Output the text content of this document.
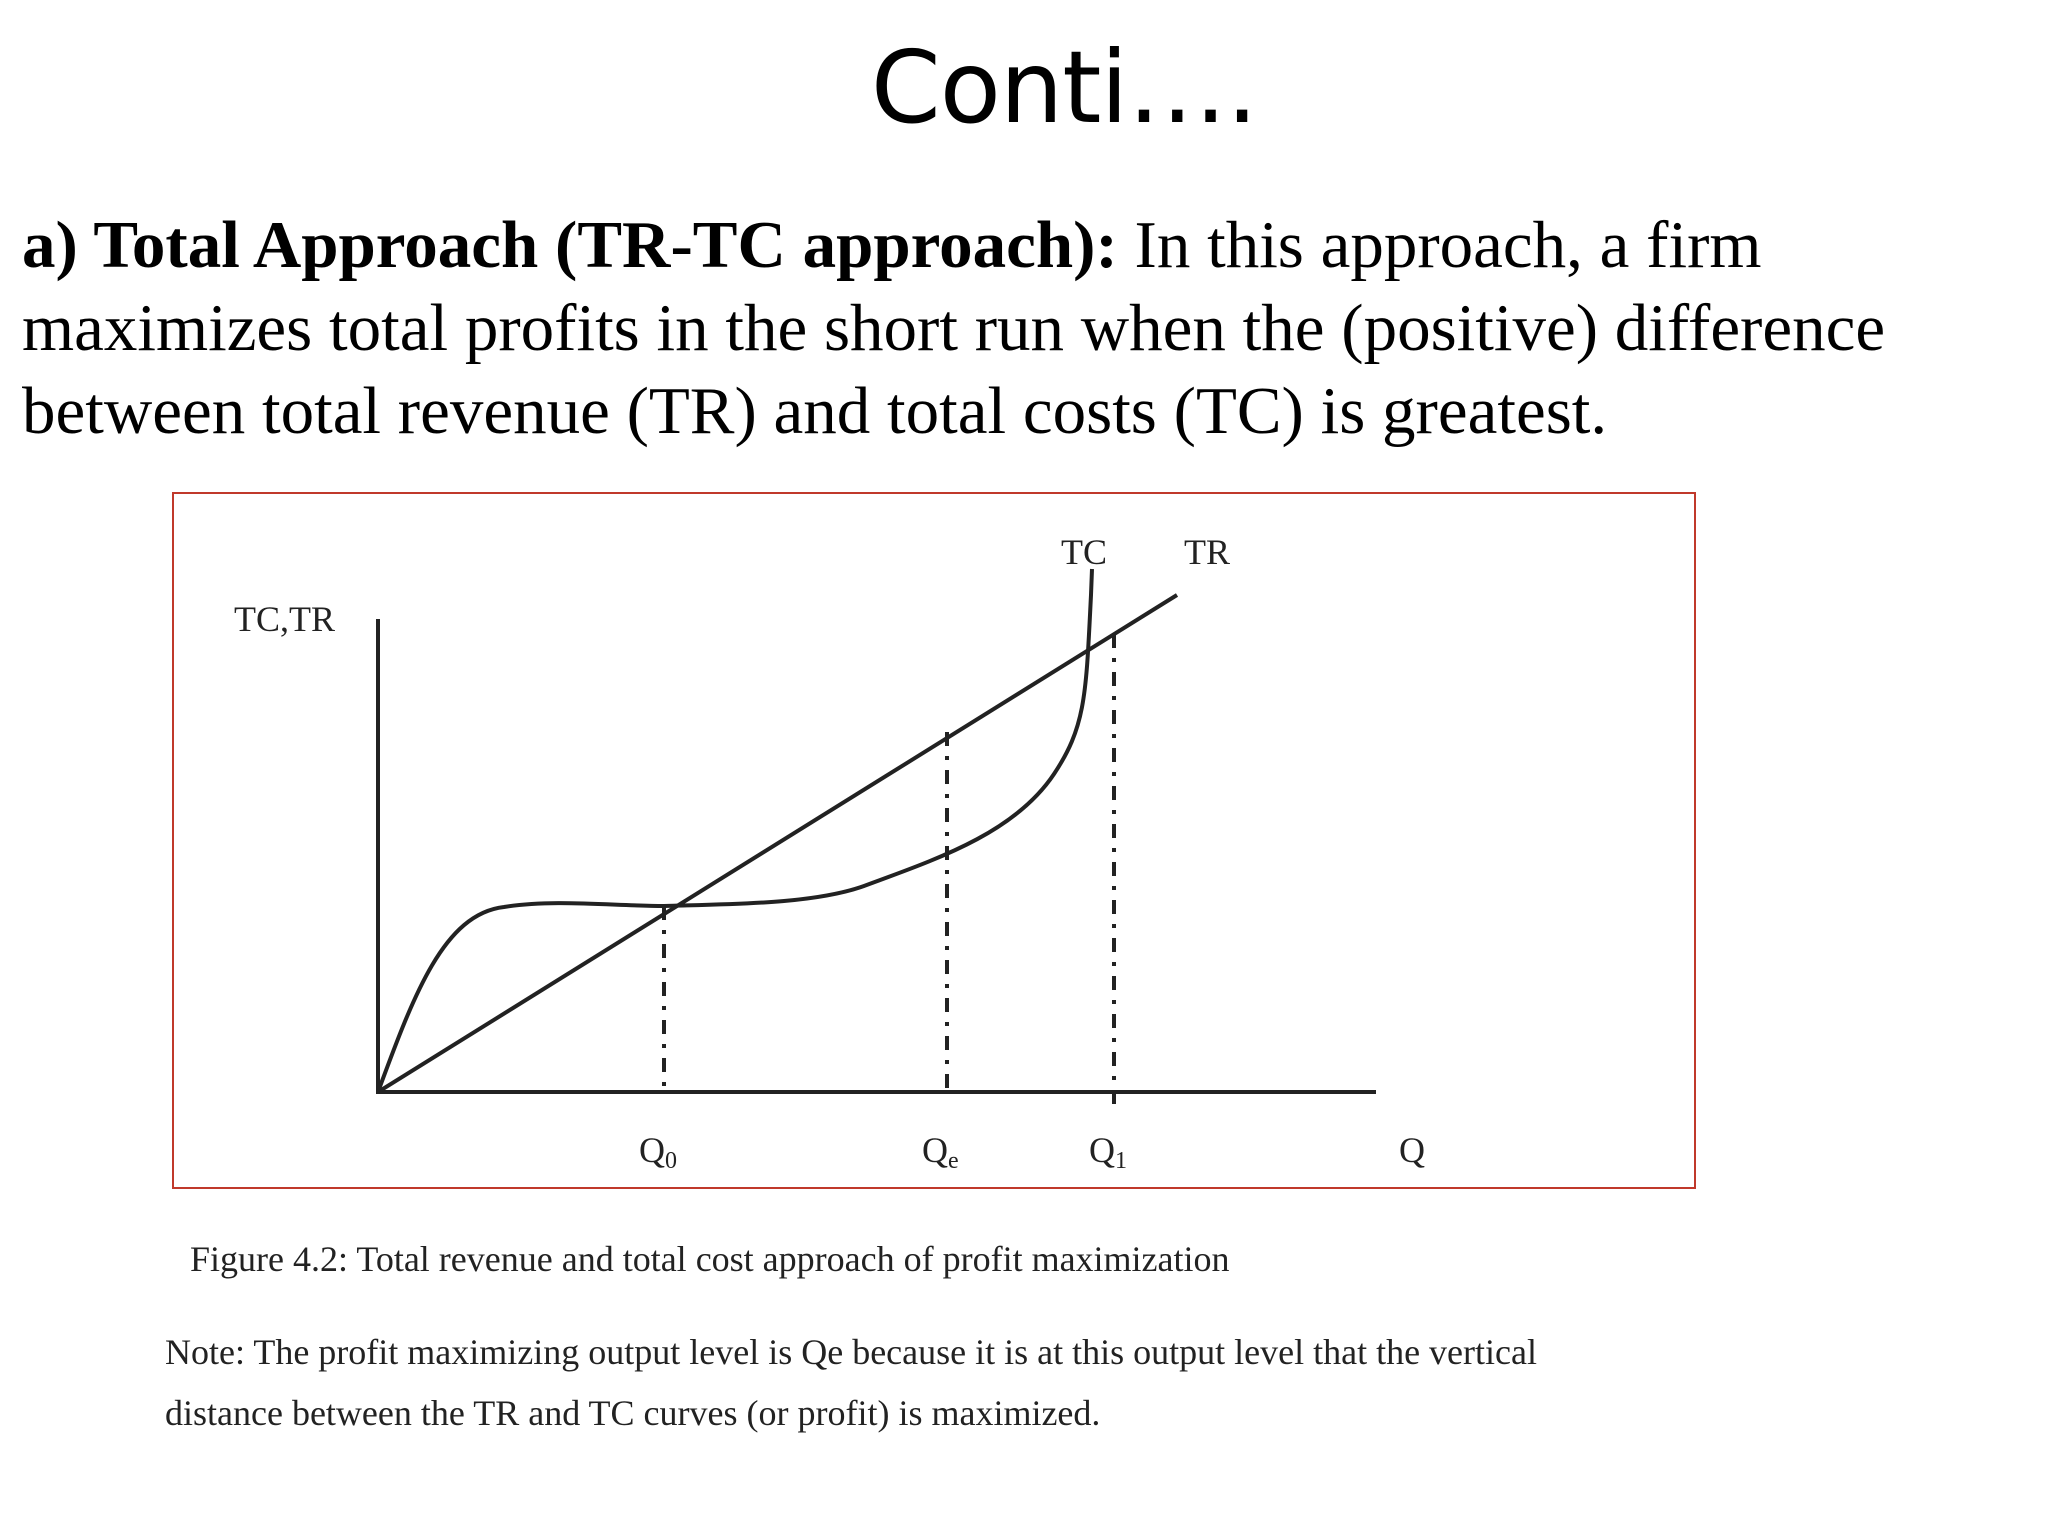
Conti….
a) Total Approach (TR-TC approach): In this approach, a firm maximizes total profits in the short run when the (positive) difference between total revenue (TR) and total costs (TC) is greatest.
TC,TR
TC TR
Q0	Qe	Q1	Q
Figure 4.2: Total revenue and total cost approach of profit maximization
Note: The profit maximizing output level is Qe because it is at this output level that the vertical
distance between the TR and TC curves (or profit) is maximized.
